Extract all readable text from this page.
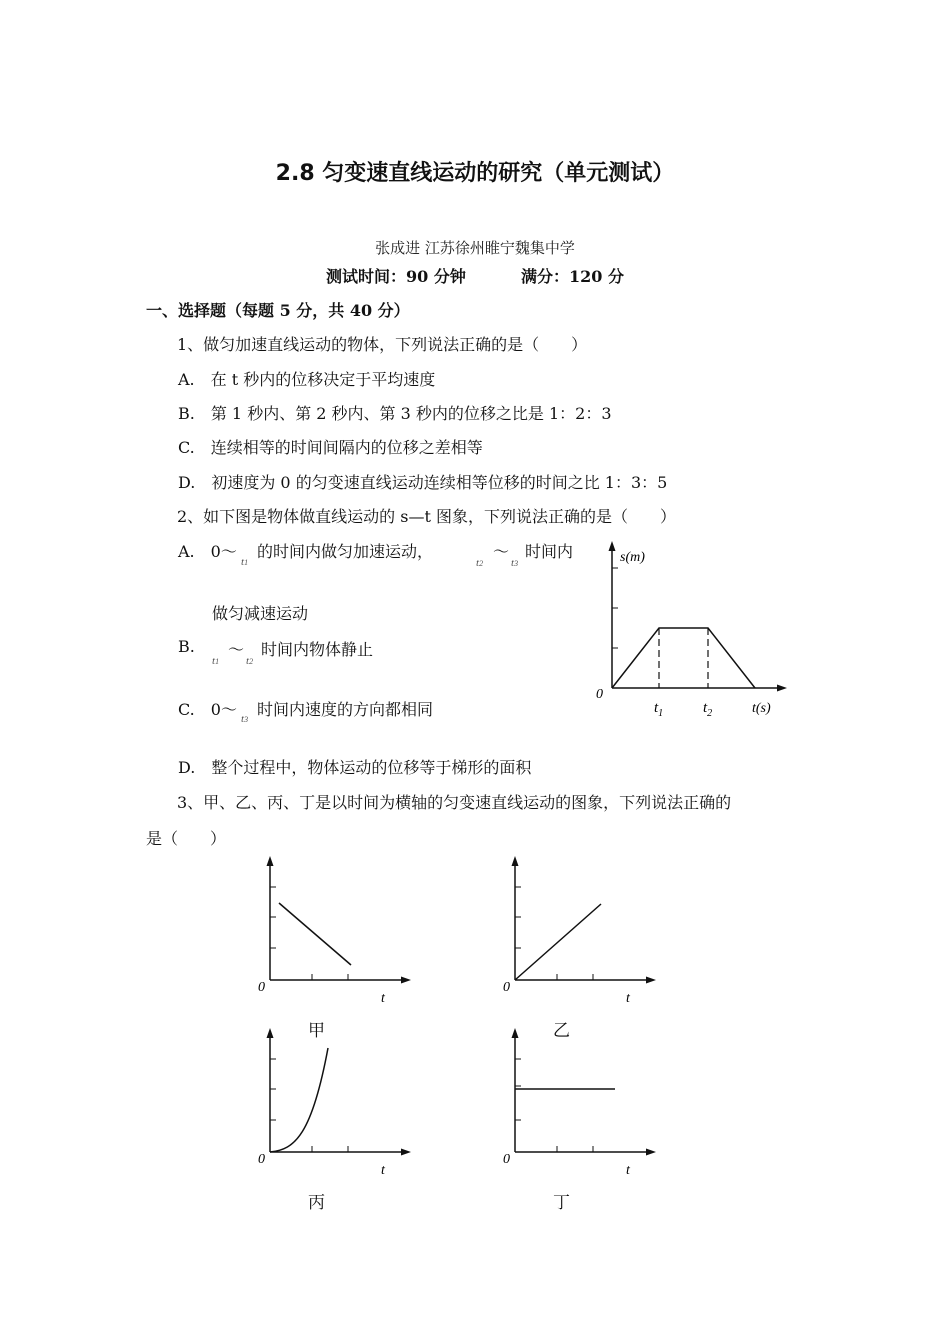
2.8 匀变速直线运动的研究（单元测试）
张成进 江苏徐州睢宁魏集中学
测试时间：90 分钟	满分：120 分
一、选择题（每题 5 分，共 40 分）
1、做匀加速直线运动的物体，下列说法正确的是（　　）
A.　在 t 秒内的位移决定于平均速度
B.　第 1 秒内、第 2 秒内、第 3 秒内的位移之比是 1：2：3
C.　连续相等的时间间隔内的位移之差相等
D.　初速度为 0 的匀变速直线运动连续相等位移的时间之比 1：3：5
2、如下图是物体做直线运动的 s—t 图象，下列说法正确的是（　　）
A.　0～
t1
的时间内做匀加速运动，
t2
～
t3
时间内
做匀减速运动
B.
t1
～
t2
时间内物体静止
C.　0～ t3
时间内速度的方向都相同
D.　整个过程中，物体运动的位移等于梯形的面积
s(m)
0
$t_1$	$t_2$	t(s)
3、甲、乙、丙、丁是以时间为横轴的匀变速直线运动的图象，下列说法正确的
是（　　）
0
t
甲
0
t
乙
0
t
丙
0
t
丁
